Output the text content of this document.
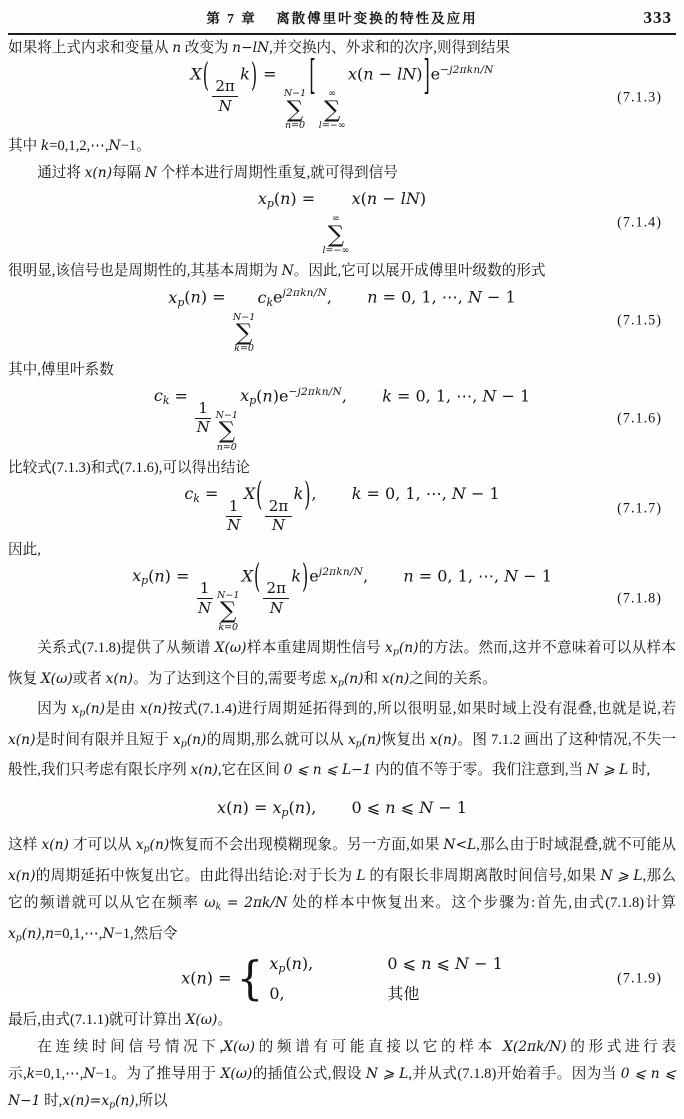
第 7 章 离散傅里叶变换的特性及应用	333
如果将上式内求和变量从 n 改变为 n−lN,并交换内、外求和的次序,则得到结果
X(
$\frac{2\pi}{N}$
k) =
N−1
∑
n=0
[ ∞
∑
l=−∞
$x(n - lN)]e^{-j2\pi kn/N}$
(7.1.3)
其中 k=0,1,2,⋯,N−1。
通过将 x(n)每隔 N 个样本进行周期性重复,就可得到信号
xp(n) =
∞
∑
l=−∞
x(n − lN)
(7.1.4)
很明显,该信号也是周期性的,其基本周期为 N。因此,它可以展开成傅里叶级数的形式
xp(n) =
N−1
∑
k=0
cke$^{j2\pi kn/N}$, n = 0, 1, ⋯, N − 1
(7.1.5)
其中,傅里叶系数
ck =
$\frac{1}{N} N-1$
∑
n=0
$xp(n)e^{-j2\pi kn/N}$, k = 0, 1, ⋯, N − 1
(7.1.6)
比较式(7.1.3)和式(7.1.6),可以得出结论
ck =
$\frac{1}{N}$
X(
$\frac{2\pi}{N}$
k), k = 0, 1, ⋯, N − 1
(7.1.7)
因此,
xp(n) =
$\frac{1}{N} N-1$
∑
k=0
X(
$\frac{2\pi}{N}$
$k)e^{j2\pi kn/N}$, n = 0, 1, ⋯, N − 1
(7.1.8)
关系式(7.1.8)提供了从频谱 X(ω)样本重建周期性信号 xp(n)的方法。然而,这并不意味着可以从样本恢复 X(ω)或者 x(n)。为了达到这个目的,需要考虑 xp(n)和 x(n)之间的关系。
因为 xp(n)是由 x(n)按式(7.1.4)进行周期延拓得到的,所以很明显,如果时域上没有混叠,也就是说,若 x(n)是时间有限并且短于 xp(n)的周期,那么就可以从 xp(n)恢复出 x(n)。图 7.1.2 画出了这种情况,不失一般性,我们只考虑有限长序列 x(n),它在区间 0 ⩽ n ⩽ L−1 内的值不等于零。我们注意到,当 N ⩾ L 时,
x(n) = xp(n), 0 ⩽ n ⩽ N − 1
这样 x(n) 才可以从 xp(n)恢复而不会出现模糊现象。另一方面,如果 N<L,那么由于时域混叠,就不可能从 x(n)的周期延拓中恢复出它。由此得出结论:对于长为 L 的有限长非周期离散时间信号,如果 N ⩾ L,那么它的频谱就可以从它在频率 ωk = 2πk/N 处的样本中恢复出来。这个步骤为:首先,由式(7.1.8)计算 xp(n),n=0,1,⋯,N−1,然后令
x(n) = { xp(n),	0 ⩽ n ⩽ N − 1
0,	其他
(7.1.9)
最后,由式(7.1.1)就可计算出 X(ω)。
在连续时间信号情况下,X(ω)的频谱有可能直接以它的样本 X(2πk/N)的形式进行表示,k=0,1,⋯,N−1。为了推导用于 X(ω)的插值公式,假设 N ⩾ L,并从式(7.1.8)开始着手。因为当 0 ⩽ n ⩽ N−1 时,x(n)=xp(n),所以
